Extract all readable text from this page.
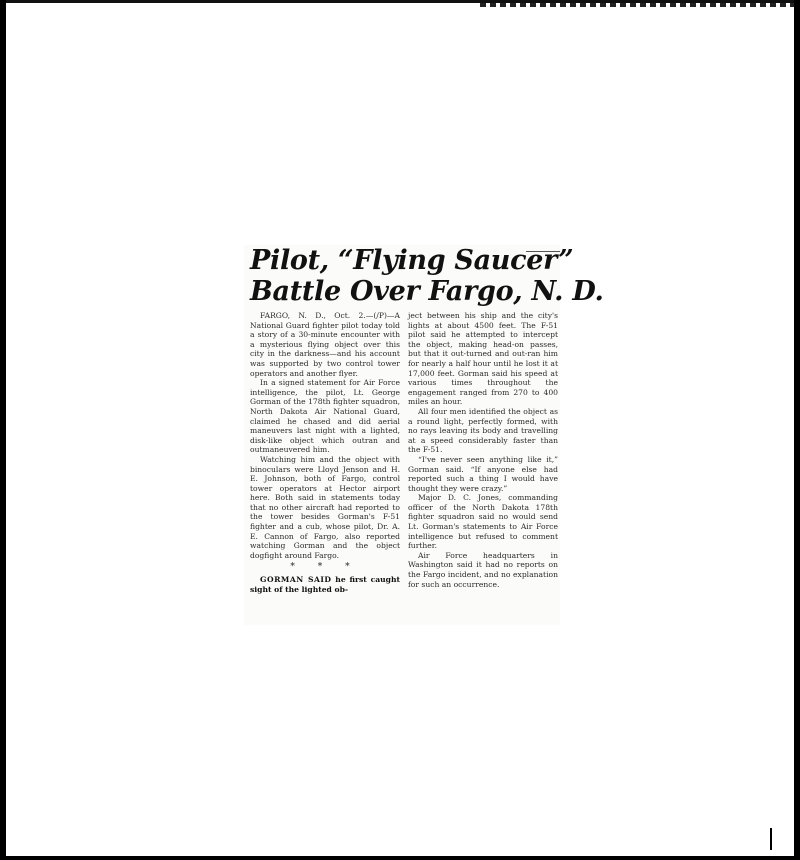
Pilot, “Flying Saucer”
Battle Over Fargo, N. D.

FARGO, N. D., Oct. 2.—(/P)—A National Guard fighter pilot today told a story of a 30-minute encounter with a mysterious flying object over this city in the darkness—and his account was supported by two control tower operators and another flyer.

In a signed statement for Air Force intelligence, the pilot, Lt. George Gorman of the 178th fighter squadron, North Dakota Air National Guard, claimed he chased and did aerial maneuvers last night with a lighted, disk-like object which outran and outmaneuvered him.

Watching him and the object with binoculars were Lloyd Jenson and H. E. Johnson, both of Fargo, control tower operators at Hector airport here. Both said in statements today that no other aircraft had reported to the tower besides Gorman's F-51 fighter and a cub, whose pilot, Dr. A. E. Cannon of Fargo, also reported watching Gorman and the object dogfight around Fargo.

* * *

GORMAN SAID he first caught sight of the lighted ob-

ject between his ship and the city's lights at about 4500 feet. The F-51 pilot said he attempted to intercept the object, making head-on passes, but that it out-turned and out-ran him for nearly a half hour until he lost it at 17,000 feet. Gorman said his speed at various times throughout the engagement ranged from 270 to 400 miles an hour.

All four men identified the object as a round light, perfectly formed, with no rays leaving its body and travelling at a speed considerably faster than the F-51.

“I've never seen anything like it,” Gorman said. “If anyone else had reported such a thing I would have thought they were crazy.”

Major D. C. Jones, commanding officer of the North Dakota 178th fighter squadron said no would send Lt. Gorman's statements to Air Force intelligence but refused to comment further.

Air Force headquarters in Washington said it had no reports on the Fargo incident, and no explanation for such an occurrence.
